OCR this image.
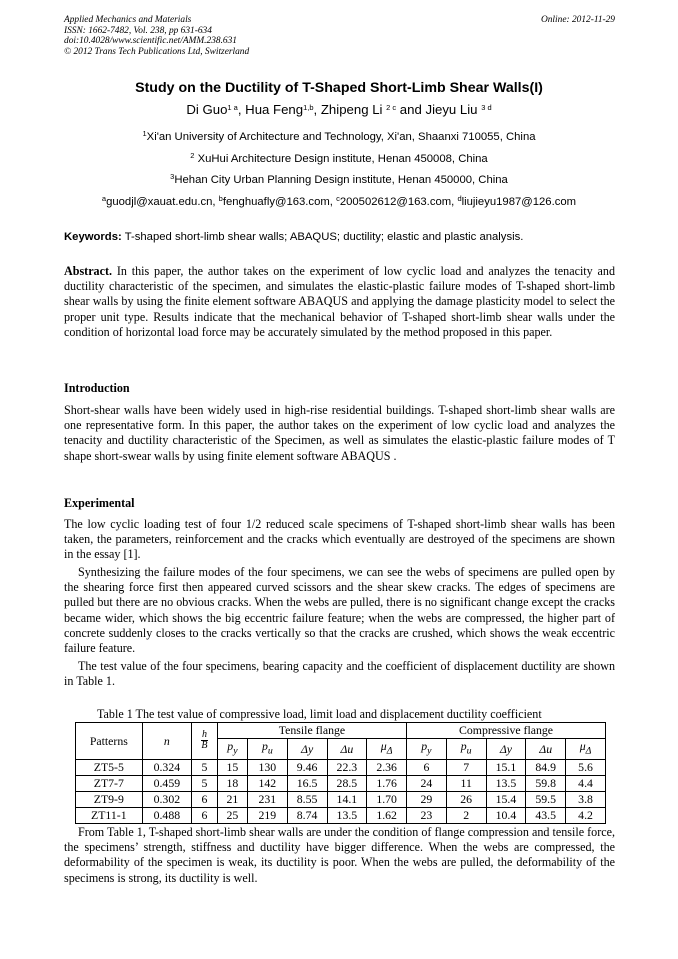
Applied Mechanics and Materials
ISSN: 1662-7482, Vol. 238, pp 631-634
doi:10.4028/www.scientific.net/AMM.238.631
© 2012 Trans Tech Publications Ltd, Switzerland
Online: 2012-11-29
Study on the Ductility of T-Shaped Short-Limb Shear Walls(I)
Di Guo$^{1 a}$, Hua Feng$^{1,b}$, Zhipeng Li $^{2 c}$ and Jieyu Liu $^{3 d}$
$^1$Xi'an University of Architecture and Technology, Xi'an, Shaanxi 710055, China
$^2$ XuHui Architecture Design institute, Henan 450008, China
$^3$Hehan City Urban Planning Design institute, Henan 450000, China
$^a$guodjl@xauat.edu.cn, $^b$fenghuafly@163.com, $^c$200502612@163.com, $^d$liujieyu1987@126.com
Keywords: T-shaped short-limb shear walls; ABAQUS; ductility; elastic and plastic analysis.
Abstract. In this paper, the author takes on the experiment of low cyclic load and analyzes the tenacity and ductility characteristic of the specimen, and simulates the elastic-plastic failure modes of T-shaped short-limb shear walls by using the finite element software ABAQUS and applying the damage plasticity model to select the proper unit type. Results indicate that the mechanical behavior of T-shaped short-limb shear walls under the condition of horizontal load force may be accurately simulated by the method proposed in this paper.
Introduction
Short-shear walls have been widely used in high-rise residential buildings. T-shaped short-limb shear walls are one representative form. In this paper, the author takes on the experiment of low cyclic load and analyzes the tenacity and ductility characteristic of the Specimen, as well as simulates the elastic-plastic failure modes of T shape short-swear walls by using finite element software ABAQUS .
Experimental
The low cyclic loading test of four 1/2 reduced scale specimens of T-shaped short-limb shear walls has been taken, the parameters, reinforcement and the cracks which eventually are destroyed of the specimens are shown in the essay [1].
Synthesizing the failure modes of the four specimens, we can see the webs of specimens are pulled open by the shearing force first then appeared curved scissors and the shear skew cracks. The edges of specimens are pulled but there are no obvious cracks. When the webs are pulled, there is no significant change except the cracks became wider, which shows the big eccentric failure feature; when the webs are compressed, the higher part of concrete suddenly closes to the cracks vertically so that the cracks are crushed, which shows the weak eccentric failure feature.
The test value of the four specimens, bearing capacity and the coefficient of displacement ductility are shown in Table 1.
Table 1 The test value of compressive load, limit load and displacement ductility coefficient
Patterns	n	$\frac{h}{B}$	Tensile flange					Compressive flange				
			$p_y$	$p_u$	Δy	Δu	$\mu_\Delta$	$p_y$	$p_u$	Δy	Δu	$\mu_\Delta$
ZT5-5	0.324	5	15	130	9.46	22.3	2.36	6	7	15.1	84.9	5.6
ZT7-7	0.459	5	18	142	16.5	28.5	1.76	24	11	13.5	59.8	4.4
ZT9-9	0.302	6	21	231	8.55	14.1	1.70	29	26	15.4	59.5	3.8
ZT11-1	0.488	6	25	219	8.74	13.5	1.62	23	2	10.4	43.5	4.2
From Table 1, T-shaped short-limb shear walls are under the condition of flange compression and tensile force, the specimens’ strength, stiffness and ductility have bigger difference. When the webs are compressed, the deformability of the specimen is weak, its ductility is poor. When the webs are pulled, the deformability of the specimens is strong, its ductility is well.
